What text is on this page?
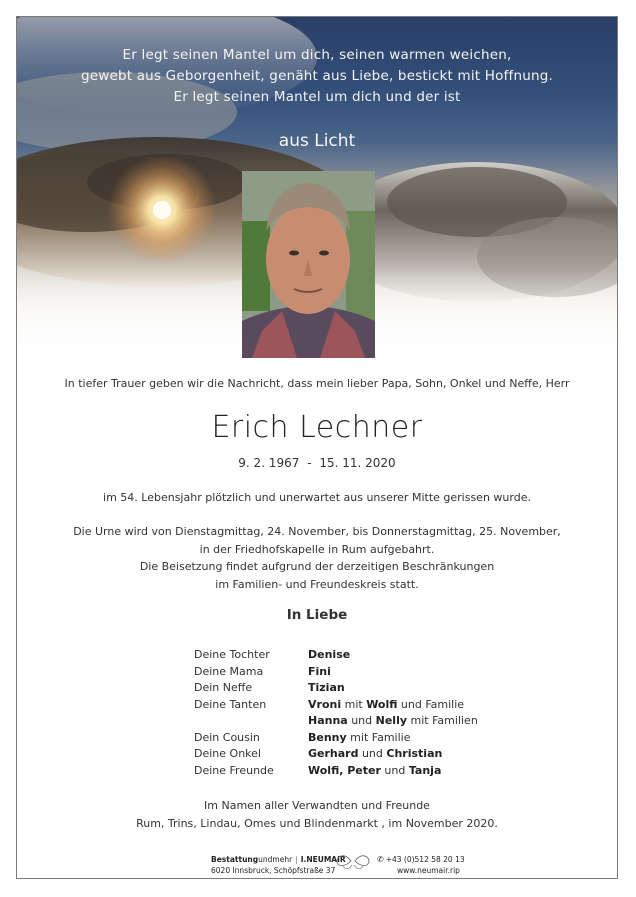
Er legt seinen Mantel um dich, seinen warmen weichen,
gewebt aus Geborgenheit, genäht aus Liebe, bestickt mit Hoffnung.
Er legt seinen Mantel um dich und der ist
aus Licht
In tiefer Trauer geben wir die Nachricht, dass mein lieber Papa, Sohn, Onkel und Neffe, Herr
Erich Lechner
9. 2. 1967 - 15. 11. 2020
im 54. Lebensjahr plötzlich und unerwartet aus unserer Mitte gerissen wurde.
Die Urne wird von Dienstagmittag, 24. November, bis Donnerstagmittag, 25. November,
in der Friedhofskapelle in Rum aufgebahrt.
Die Beisetzung findet aufgrund der derzeitigen Beschränkungen
im Familien- und Freundeskreis statt.
In Liebe
Deine Tochter	Denise
Deine Mama	Fini
Dein Neffe	Tizian
Deine Tanten	Vroni mit Wolfi und Familie
Hanna und Nelly mit Familien
Dein Cousin	Benny mit Familie
Deine Onkel	Gerhard und Christian
Deine Freunde	Wolfi, Peter und Tanja
Im Namen aller Verwandten und Freunde
Rum, Trins, Lindau, Omes und Blindenmarkt , im November 2020.
Bestattungundmehr | I.NEUMAIR
6020 Innsbruck, Schöpfstraße 37
✆ +43 (0)512 58 20 13
www.neumair.rip
